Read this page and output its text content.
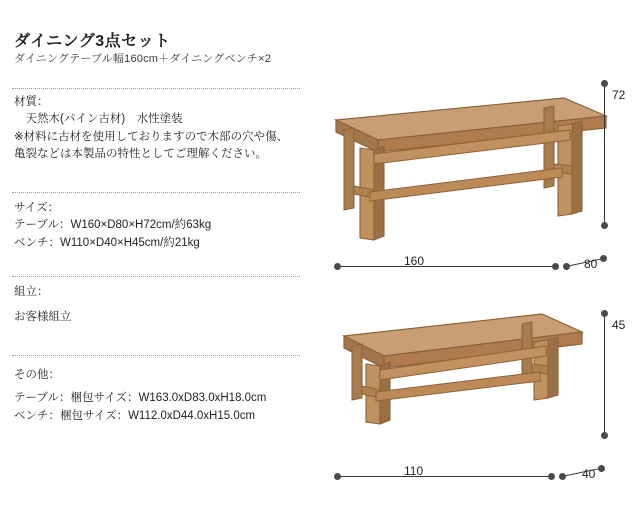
ダイニング3点セット
ダイニングテーブル幅160cm＋ダイニングベンチ×2
材質：
　天然木(パイン古材)　水性塗装
※材料に古材を使用しておりますので木部の穴や傷、
亀裂などは本製品の特性としてご理解ください。
サイズ：
テーブル：W160×D80×H72cm/約63kg
ベンチ：W110×D40×H45cm/約21kg
組立：
お客様組立
その他：
テーブル：梱包サイズ：W163.0xD83.0xH18.0cm
ベンチ：梱包サイズ：W112.0xD44.0xH15.0cm
72
160	80
45
110	40
